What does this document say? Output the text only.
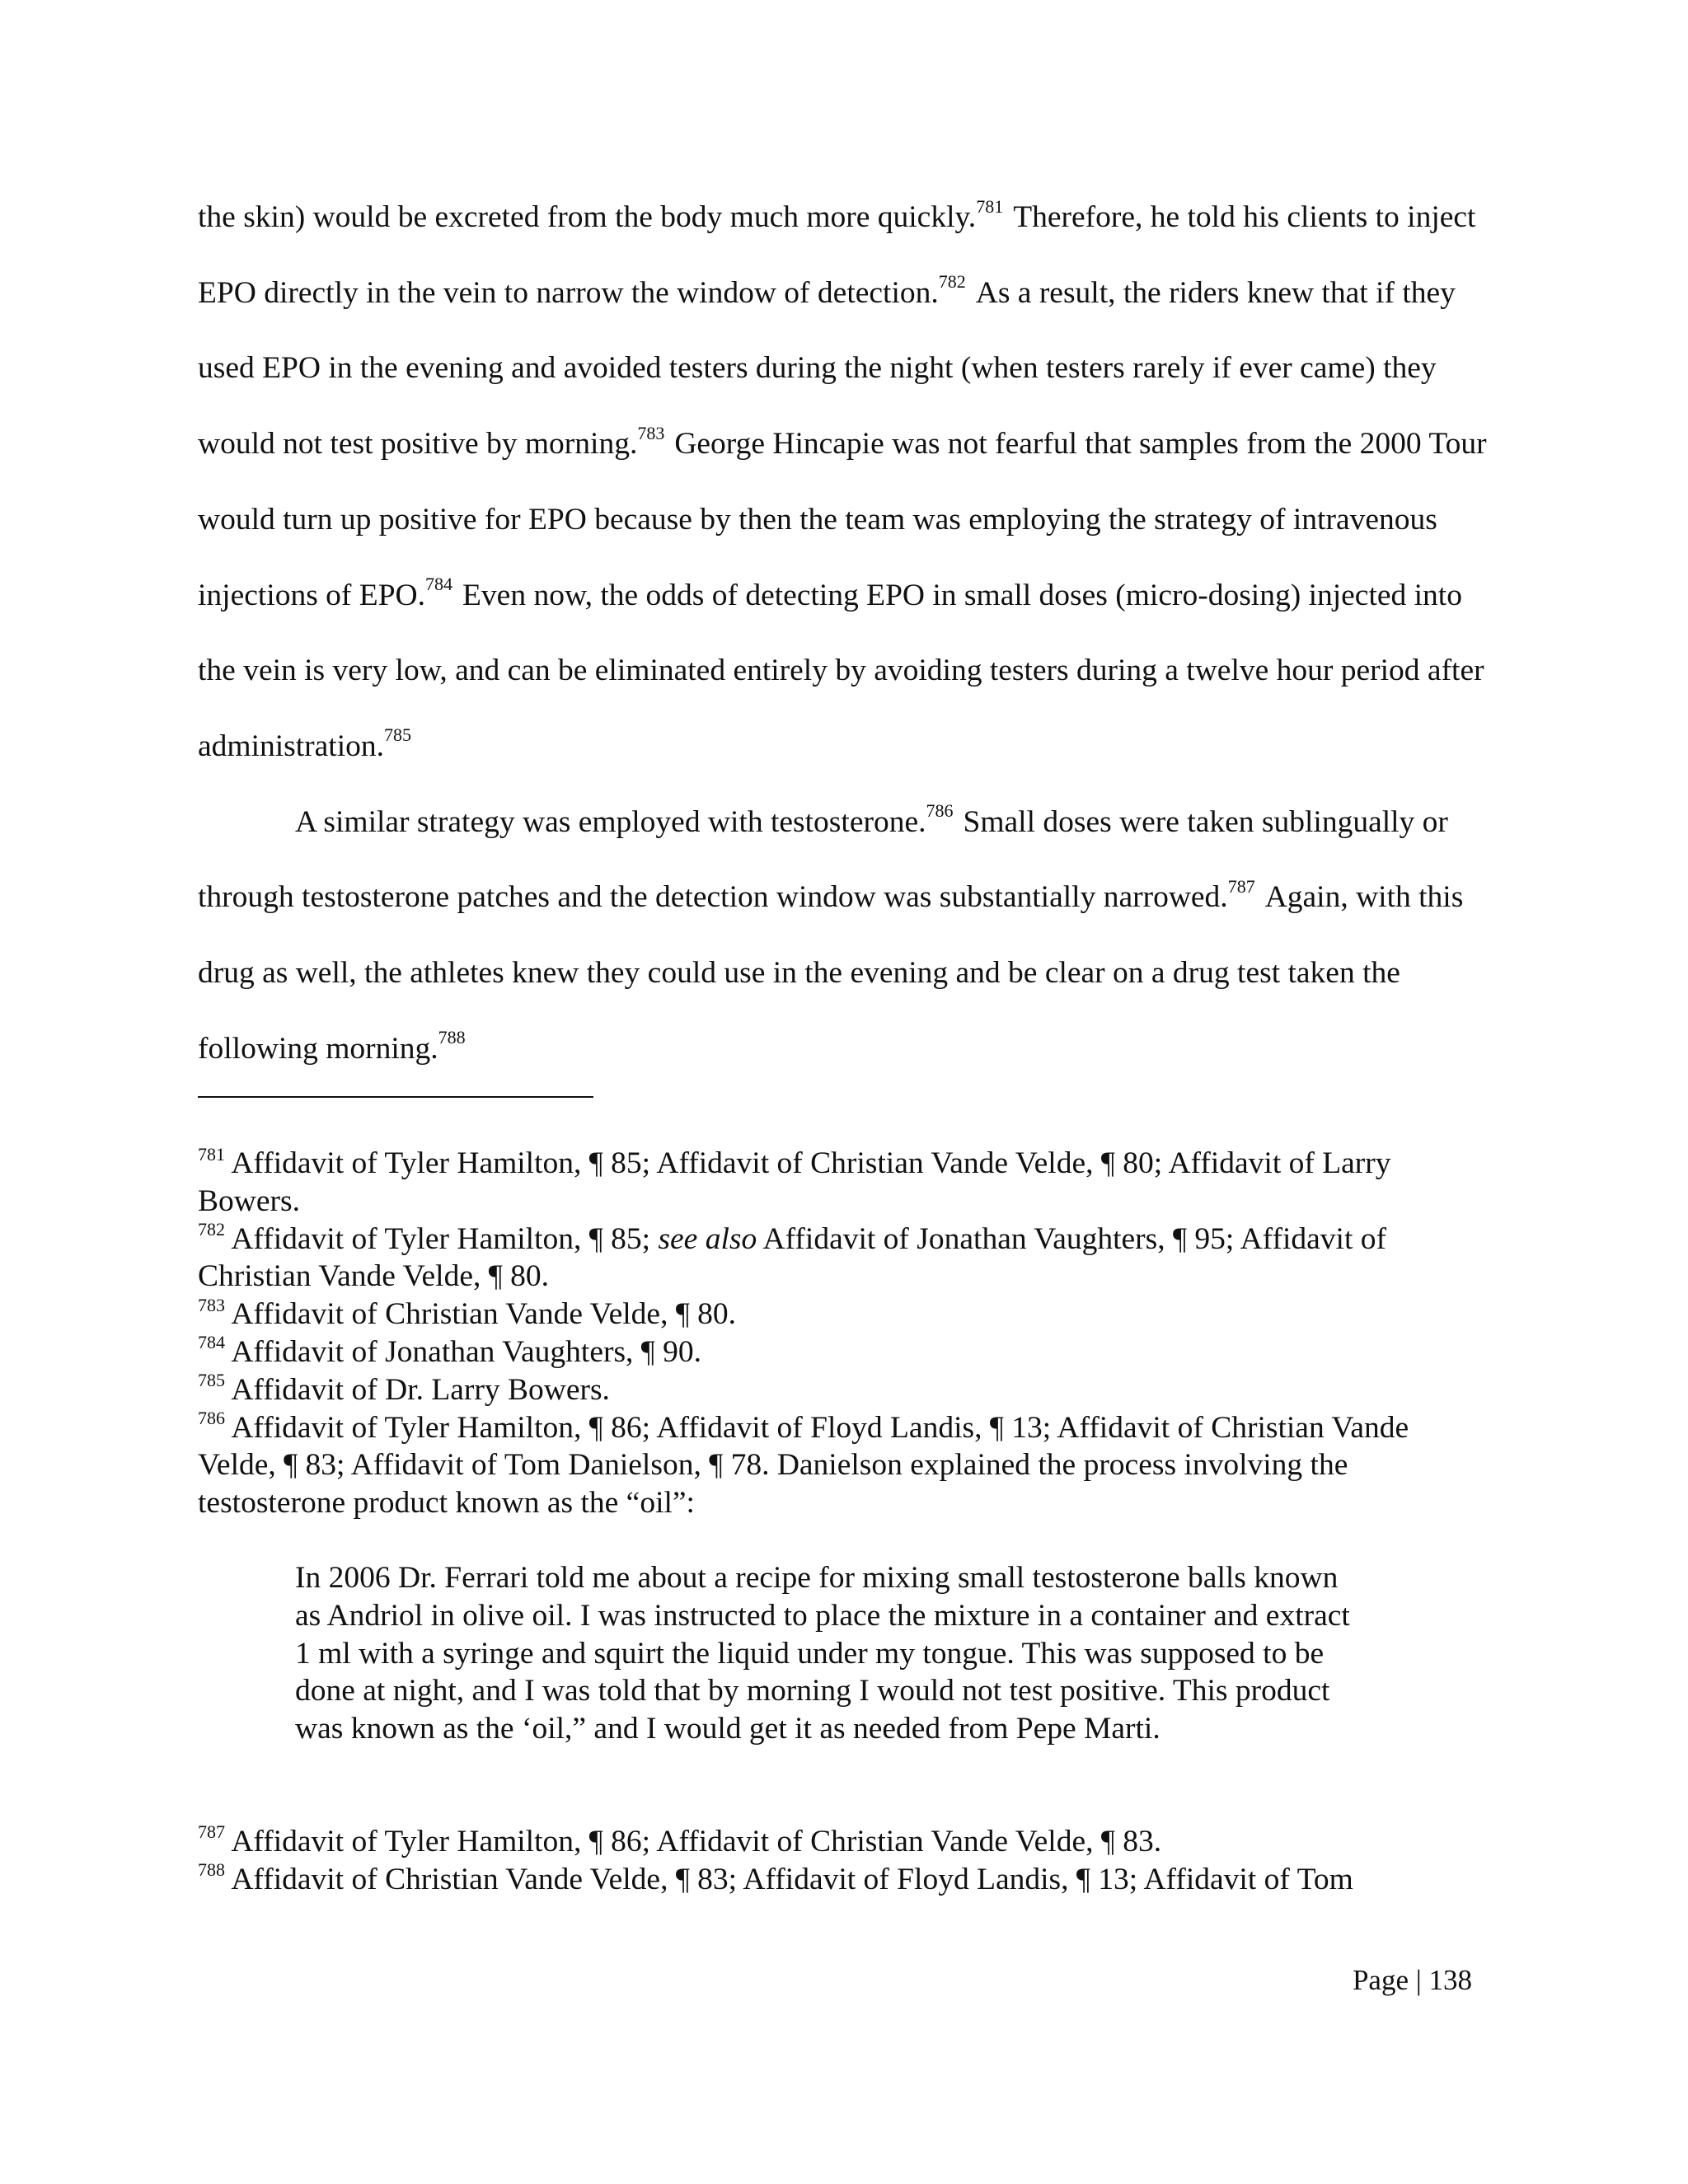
the skin) would be excreted from the body much more quickly.$^{781}$ Therefore, he told his clients to inject EPO directly in the vein to narrow the window of detection.$^{782}$ As a result, the riders knew that if they used EPO in the evening and avoided testers during the night (when testers rarely if ever came) they would not test positive by morning.$^{783}$ George Hincapie was not fearful that samples from the 2000 Tour would turn up positive for EPO because by then the team was employing the strategy of intravenous injections of EPO.$^{784}$ Even now, the odds of detecting EPO in small doses (micro-dosing) injected into the vein is very low, and can be eliminated entirely by avoiding testers during a twelve hour period after administration.$^{785}$

A similar strategy was employed with testosterone.$^{786}$ Small doses were taken sublingually or through testosterone patches and the detection window was substantially narrowed.$^{787}$ Again, with this drug as well, the athletes knew they could use in the evening and be clear on a drug test taken the following morning.$^{788}$

$^{781}$ Affidavit of Tyler Hamilton, ¶ 85; Affidavit of Christian Vande Velde, ¶ 80; Affidavit of Larry Bowers.

$^{782}$ Affidavit of Tyler Hamilton, ¶ 85; see also Affidavit of Jonathan Vaughters, ¶ 95; Affidavit of Christian Vande Velde, ¶ 80.

$^{783}$ Affidavit of Christian Vande Velde, ¶ 80.

$^{784}$ Affidavit of Jonathan Vaughters, ¶ 90.

$^{785}$ Affidavit of Dr. Larry Bowers.

$^{786}$ Affidavit of Tyler Hamilton, ¶ 86; Affidavit of Floyd Landis, ¶ 13; Affidavit of Christian Vande Velde, ¶ 83; Affidavit of Tom Danielson, ¶ 78. Danielson explained the process involving the testosterone product known as the “oil”:

In 2006 Dr. Ferrari told me about a recipe for mixing small testosterone balls known as Andriol in olive oil. I was instructed to place the mixture in a container and extract 1 ml with a syringe and squirt the liquid under my tongue. This was supposed to be done at night, and I was told that by morning I would not test positive. This product was known as the ‘oil,” and I would get it as needed from Pepe Marti.

$^{787}$ Affidavit of Tyler Hamilton, ¶ 86; Affidavit of Christian Vande Velde, ¶ 83.

$^{788}$ Affidavit of Christian Vande Velde, ¶ 83; Affidavit of Floyd Landis, ¶ 13; Affidavit of Tom

Page | 138
